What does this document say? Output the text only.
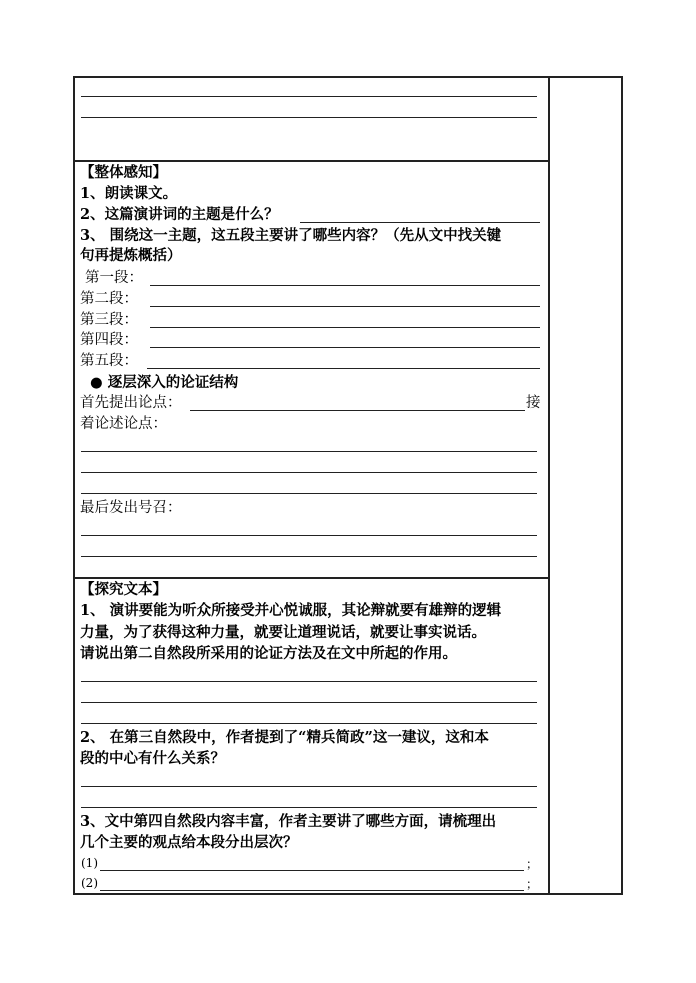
【整体感知】
1、朗读课文。
2、这篇演讲词的主题是什么？
3、 围绕这一主题，这五段主要讲了哪些内容？（先从文中找关键
句再提炼概括）
第一段：
第二段：
第三段：
第四段：
第五段：
● 逐层深入的论证结构
首先提出论点：	接
着论述论点：
最后发出号召：
【探究文本】
1、 演讲要能为听众所接受并心悦诚服，其论辩就要有雄辩的逻辑
力量，为了获得这种力量，就要让道理说话，就要让事实说话。
请说出第二自然段所采用的论证方法及在文中所起的作用。
2、 在第三自然段中，作者提到了“精兵简政”这一建议，这和本
段的中心有什么关系？
3、文中第四自然段内容丰富，作者主要讲了哪些方面，请梳理出
几个主要的观点给本段分出层次？
(1)	；
(2)	；
